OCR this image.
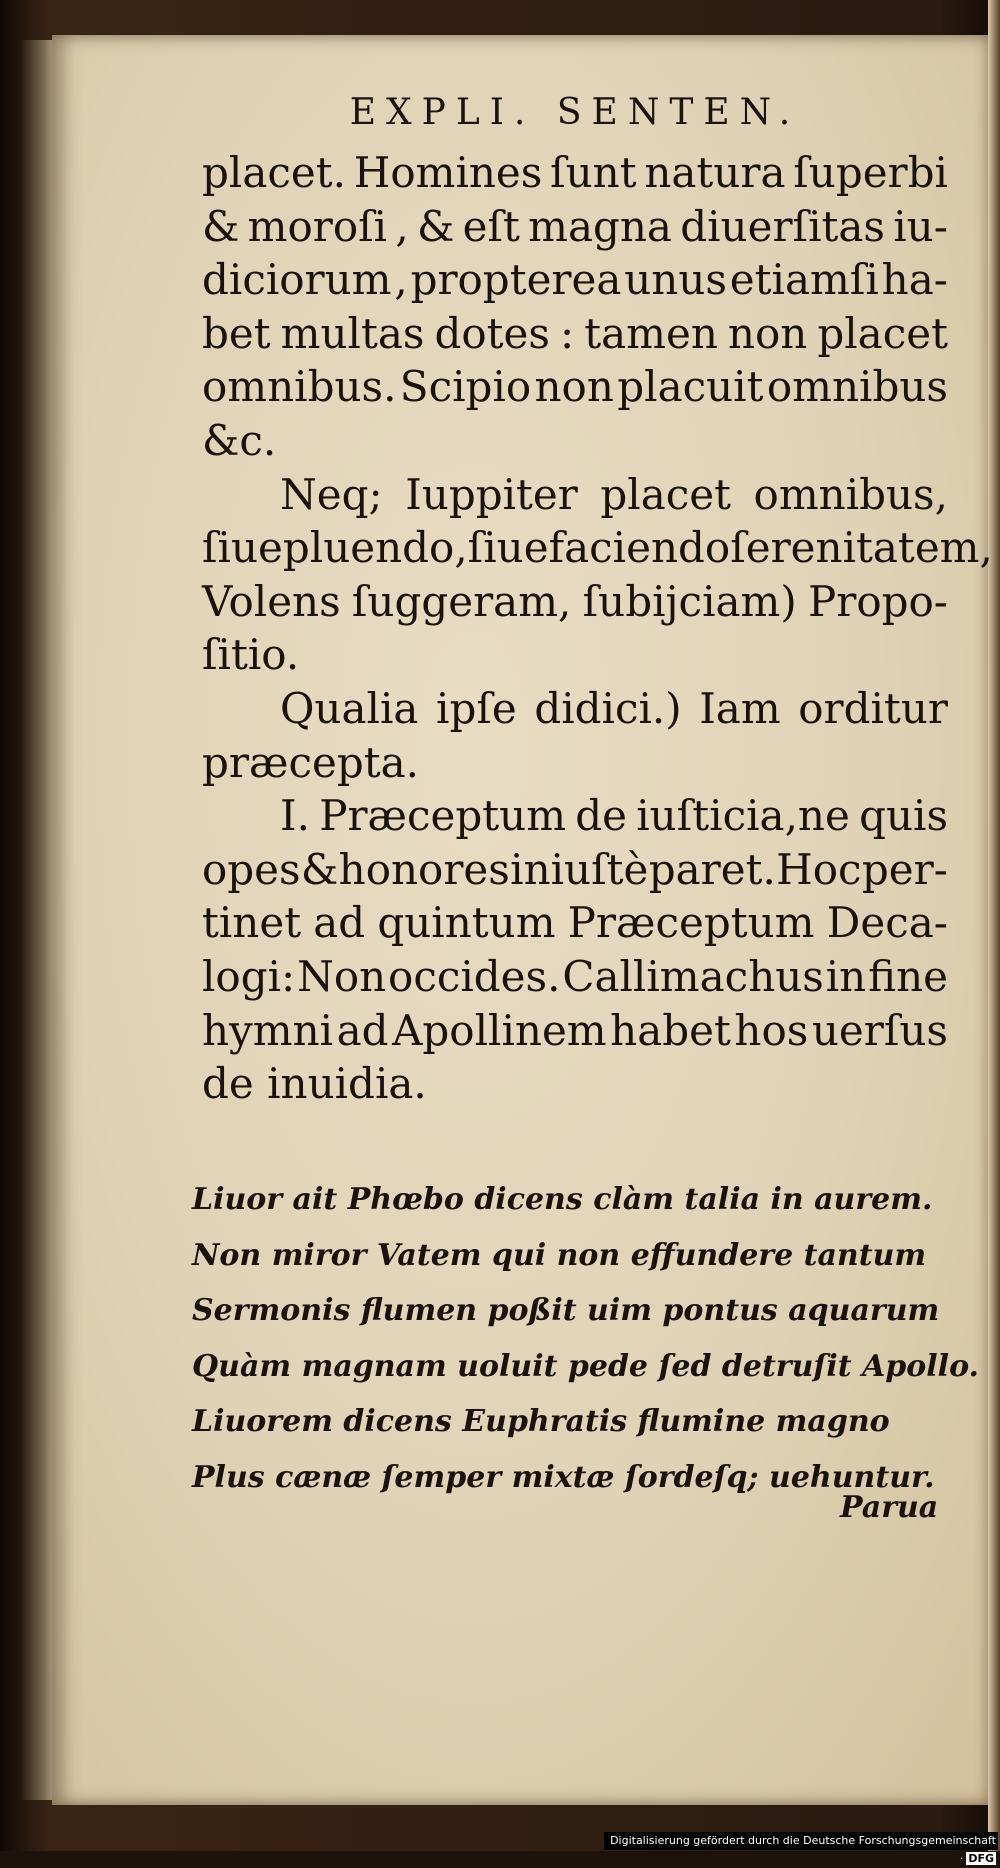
EXPLI. SENTEN.
placet. Homines ſunt natura ſuperbi
& moroſi , & eſt magna diuerſitas iu-
diciorum , propterea unus etiamſi ha-
bet multas dotes : tamen non placet
omnibus. Scipio non placuit omnibus
&c.
Neq; Iuppiter placet omnibus,
ſiue pluendo,ſiue faciendo ſerenitatem,
Volens ſuggeram, ſubijciam) Propo-
ſitio.
Qualia ipſe didici.) Iam orditur
præcepta.
I. Præceptum de iuſticia,ne quis
opes & honores iniuſtè paret. Hoc per-
tinet ad quintum Præceptum Deca-
logi: Non occides. Callimachus in fine
hymni ad Apollinem habet hos uerſus
de inuidia.
Liuor ait Phœbo dicens clàm talia in aurem.
Non miror Vatem qui non effundere tantum
Sermonis flumen poßit uim pontus aquarum
Quàm magnam uoluit pede ſed detruſit Apollo.
Liuorem dicens Euphratis flumine magno
Plus cænæ ſemper mixtæ ſordeſq; uehuntur.
Parua
Digitalisierung gefördert durch die Deutsche Forschungsgemeinschaft · DFG
